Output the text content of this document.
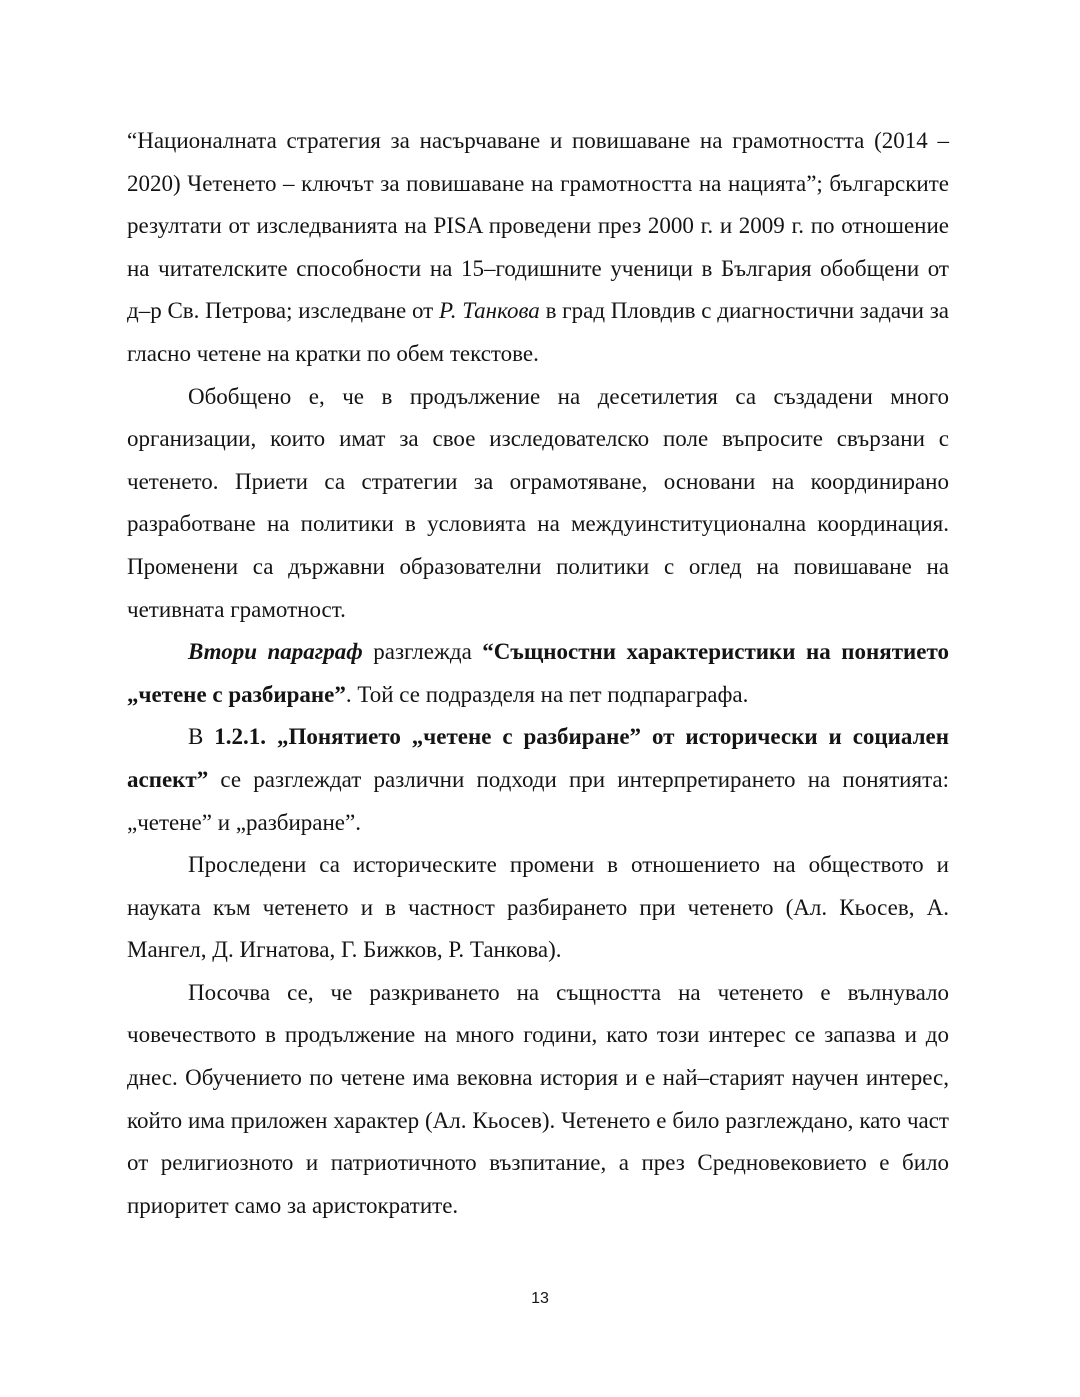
“Националната стратегия за насърчаване и повишаване на грамотността (2014 – 2020) Четенето – ключът за повишаване на грамотността на нацията”; българските резултати от изследванията на PISA проведени през 2000 г. и 2009 г. по отношение на читателските способности на 15–годишните ученици в България обобщени от д–р Св. Петрова; изследване от Р. Танкова в град Пловдив с диагностични задачи за гласно четене на кратки по обем текстове.

Обобщено е, че в продължение на десетилетия са създадени много организации, които имат за свое изследователско поле въпросите свързани с четенето. Приети са стратегии за ограмотяване, основани на координирано разработване на политики в условията на междуинституционална координация. Променени са държавни образователни политики с оглед на повишаване на четивната грамотност.

Втори параграф разглежда “Същностни характеристики на понятието „четене с разбиране”. Той се подразделя на пет подпараграфа.

В 1.2.1. „Понятието „четене с разбиране” от исторически и социален аспект” се разглеждат различни подходи при интерпретирането на понятията: „четене” и „разбиране”.

Проследени са историческите промени в отношението на обществото и науката към четенето и в частност разбирането при четенето (Ал. Кьосев, А. Мангел, Д. Игнатова, Г. Бижков, Р. Танкова).

Посочва се, че разкриването на същността на четенето е вълнувало човечеството в продължение на много години, като този интерес се запазва и до днес. Обучението по четене има вековна история и е най–старият научен интерес, който има приложен характер (Ал. Кьосев). Четенето е било разглеждано, като част от религиозното и патриотичното възпитание, а през Средновековието е било приоритет само за аристократите.

13
